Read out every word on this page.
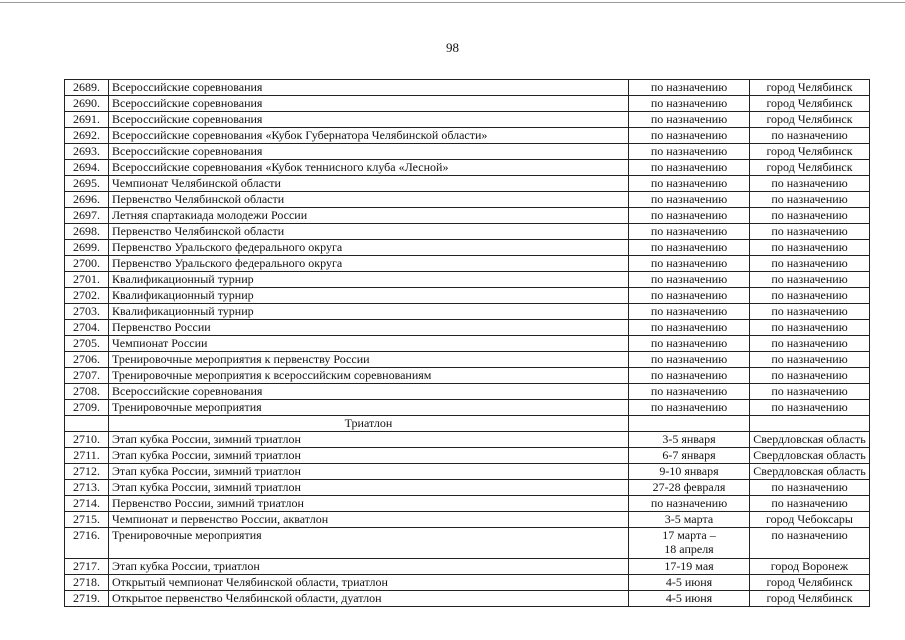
98
2689.	Всероссийские соревнования	по назначению	город Челябинск
2690.	Всероссийские соревнования	по назначению	город Челябинск
2691.	Всероссийские соревнования	по назначению	город Челябинск
2692.	Всероссийские соревнования «Кубок Губернатора Челябинской области»	по назначению	по назначению
2693.	Всероссийские соревнования	по назначению	город Челябинск
2694.	Всероссийские соревнования «Кубок теннисного клуба «Лесной»	по назначению	город Челябинск
2695.	Чемпионат Челябинской области	по назначению	по назначению
2696.	Первенство Челябинской области	по назначению	по назначению
2697.	Летняя спартакиада молодежи России	по назначению	по назначению
2698.	Первенство Челябинской области	по назначению	по назначению
2699.	Первенство Уральского федерального округа	по назначению	по назначению
2700.	Первенство Уральского федерального округа	по назначению	по назначению
2701.	Квалификационный турнир	по назначению	по назначению
2702.	Квалификационный турнир	по назначению	по назначению
2703.	Квалификационный турнир	по назначению	по назначению
2704.	Первенство России	по назначению	по назначению
2705.	Чемпионат России	по назначению	по назначению
2706.	Тренировочные мероприятия к первенству России	по назначению	по назначению
2707.	Тренировочные мероприятия к всероссийским соревнованиям	по назначению	по назначению
2708.	Всероссийские соревнования	по назначению	по назначению
2709.	Тренировочные мероприятия	по назначению	по назначению
	Триатлон		
2710.	Этап кубка России, зимний триатлон	3-5 января	Свердловская область
2711.	Этап кубка России, зимний триатлон	6-7 января	Свердловская область
2712.	Этап кубка России, зимний триатлон	9-10 января	Свердловская область
2713.	Этап кубка России, зимний триатлон	27-28 февраля	по назначению
2714.	Первенство России, зимний триатлон	по назначению	по назначению
2715.	Чемпионат и первенство России, акватлон	3-5 марта	город Чебоксары
2716.	Тренировочные мероприятия	17 марта –
18 апреля	по назначению
2717.	Этап кубка России, триатлон	17-19 мая	город Воронеж
2718.	Открытый чемпионат Челябинской области, триатлон	4-5 июня	город Челябинск
2719.	Открытое первенство Челябинской области, дуатлон	4-5 июня	город Челябинск
